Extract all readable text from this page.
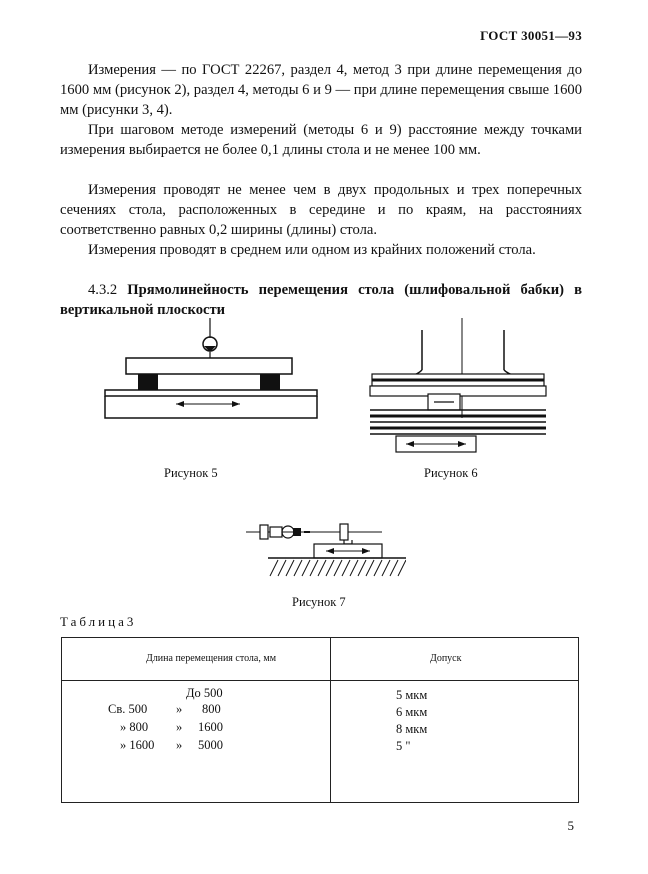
ГОСТ 30051—93

Измерения — по ГОСТ 22267, раздел 4, метод 3 при длине перемещения до 1600 мм (рисунок 2), раздел 4, методы 6 и 9 — при длине перемещения свыше 1600 мм (рисунки 3, 4).

При шаговом методе измерений (методы 6 и 9) расстояние между точками измерения выбирается не более 0,1 длины стола и не менее 100 мм.

Измерения проводят не менее чем в двух продольных и трех поперечных сечениях стола, расположенных в середине и по краям, на расстояниях соответственно равных 0,2 ширины (длины) стола.

Измерения проводят в среднем или одном из крайних положений стола.

4.3.2 Прямолинейность перемещения стола (шлифовальной бабки) в вертикальной плоскости

Рисунок 5	Рисунок 6
Рисунок 7
Таблица3
Длина перемещения стола, мм	Допуск
До 500	5 мкм
Св. 500 » 800	6 мкм
» 800 » 1600	8 мкм
» 1600 » 5000	5 "
5
